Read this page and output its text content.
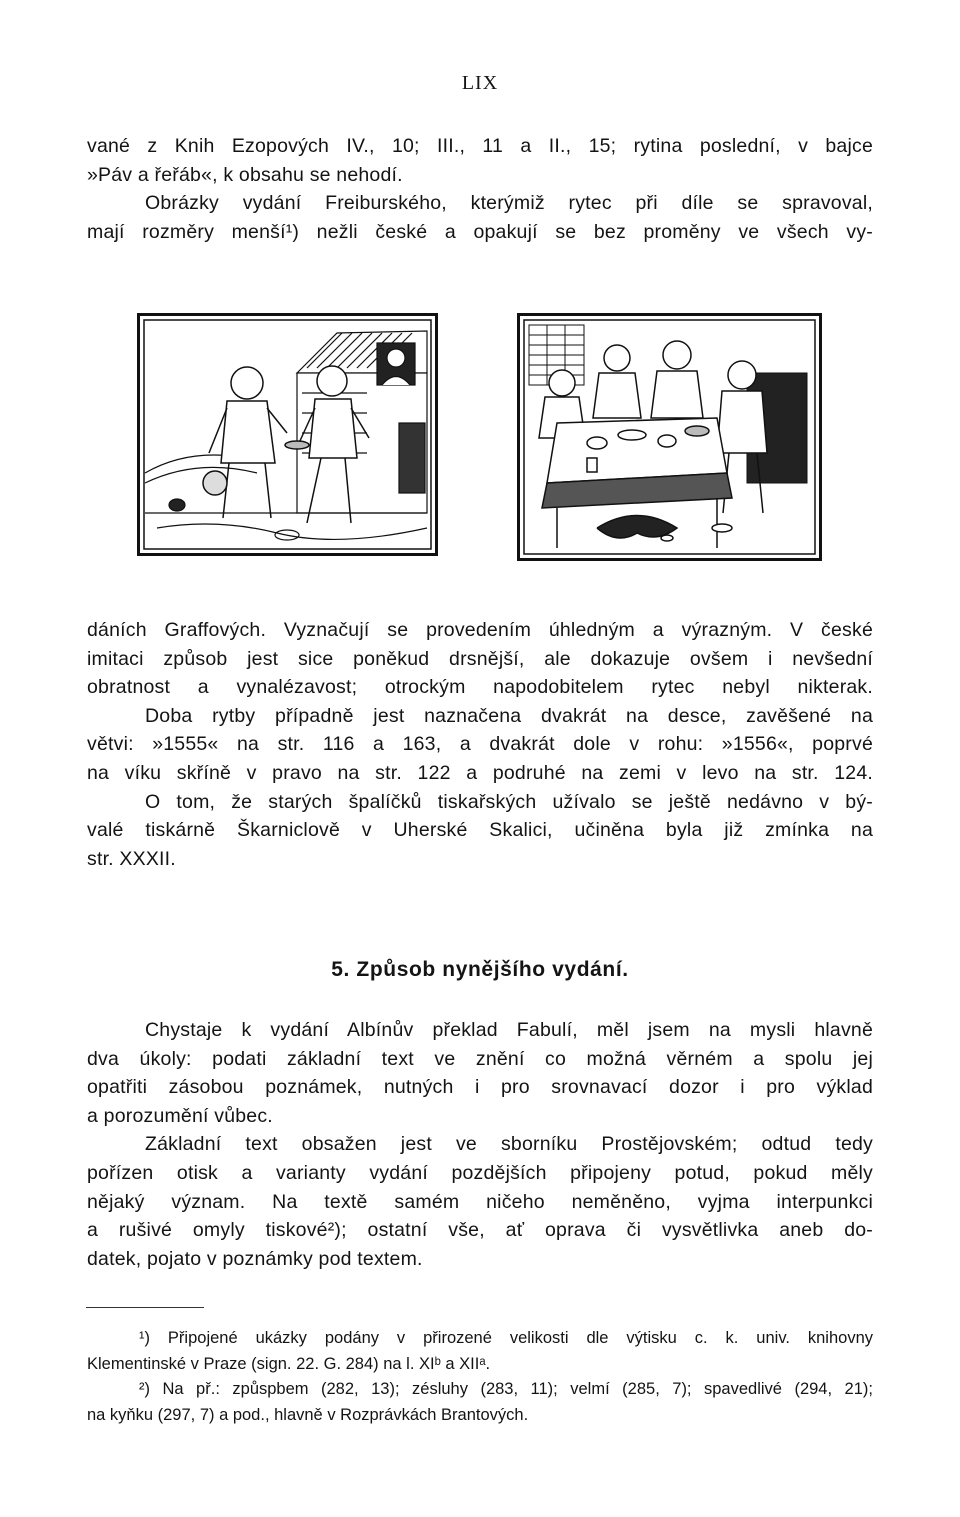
LIX
vané z Knih Ezopových IV., 10; III., 11 a II., 15; rytina poslední, v bajce
»Páv a řeřáb«, k obsahu se nehodí.
Obrázky vydání Freiburského, kterýmiž rytec při díle se spravoval,
mají rozměry menší¹) nežli české a opakují se bez proměny ve všech vy-
dáních Graffových. Vyznačují se provedením úhledným a výrazným. V české
imitaci způsob jest sice poněkud drsnější, ale dokazuje ovšem i nevšední
obratnost a vynalézavost; otrockým napodobitelem rytec nebyl nikterak.
Doba rytby případně jest naznačena dvakrát na desce, zavěšené na
větvi: »1555« na str. 116 a 163, a dvakrát dole v rohu: »1556«, poprvé
na víku skříně v pravo na str. 122 a podruhé na zemi v levo na str. 124.
O tom, že starých špalíčků tiskařských užívalo se ještě nedávno v bý-
valé tiskárně Škarniclově v Uherské Skalici, učiněna byla již zmínka na
str. XXXII.
5. Způsob nynějšího vydání.
Chystaje k vydání Albínův překlad Fabulí, měl jsem na mysli hlavně
dva úkoly: podati základní text ve znění co možná věrném a spolu jej
opatřiti zásobou poznámek, nutných i pro srovnavací dozor i pro výklad
a porozumění vůbec.
Základní text obsažen jest ve sborníku Prostějovském; odtud tedy
pořízen otisk a varianty vydání pozdějších připojeny potud, pokud měly
nějaký význam. Na textě samém ničeho neměněno, vyjma interpunkci
a rušivé omyly tiskové²); ostatní vše, ať oprava či vysvětlivka aneb do-
datek, pojato v poznámky pod textem.
¹) Připojené ukázky podány v přirozené velikosti dle výtisku c. k. univ. knihovny
Klementinské v Praze (sign. 22. G. 284) na l. XIᵇ a XIIᵃ.
²) Na př.: způspbem (282, 13); zésluhy (283, 11); velmí (285, 7); spavedlivé (294, 21);
na kyňku (297, 7) a pod., hlavně v Rozprávkách Brantových.
